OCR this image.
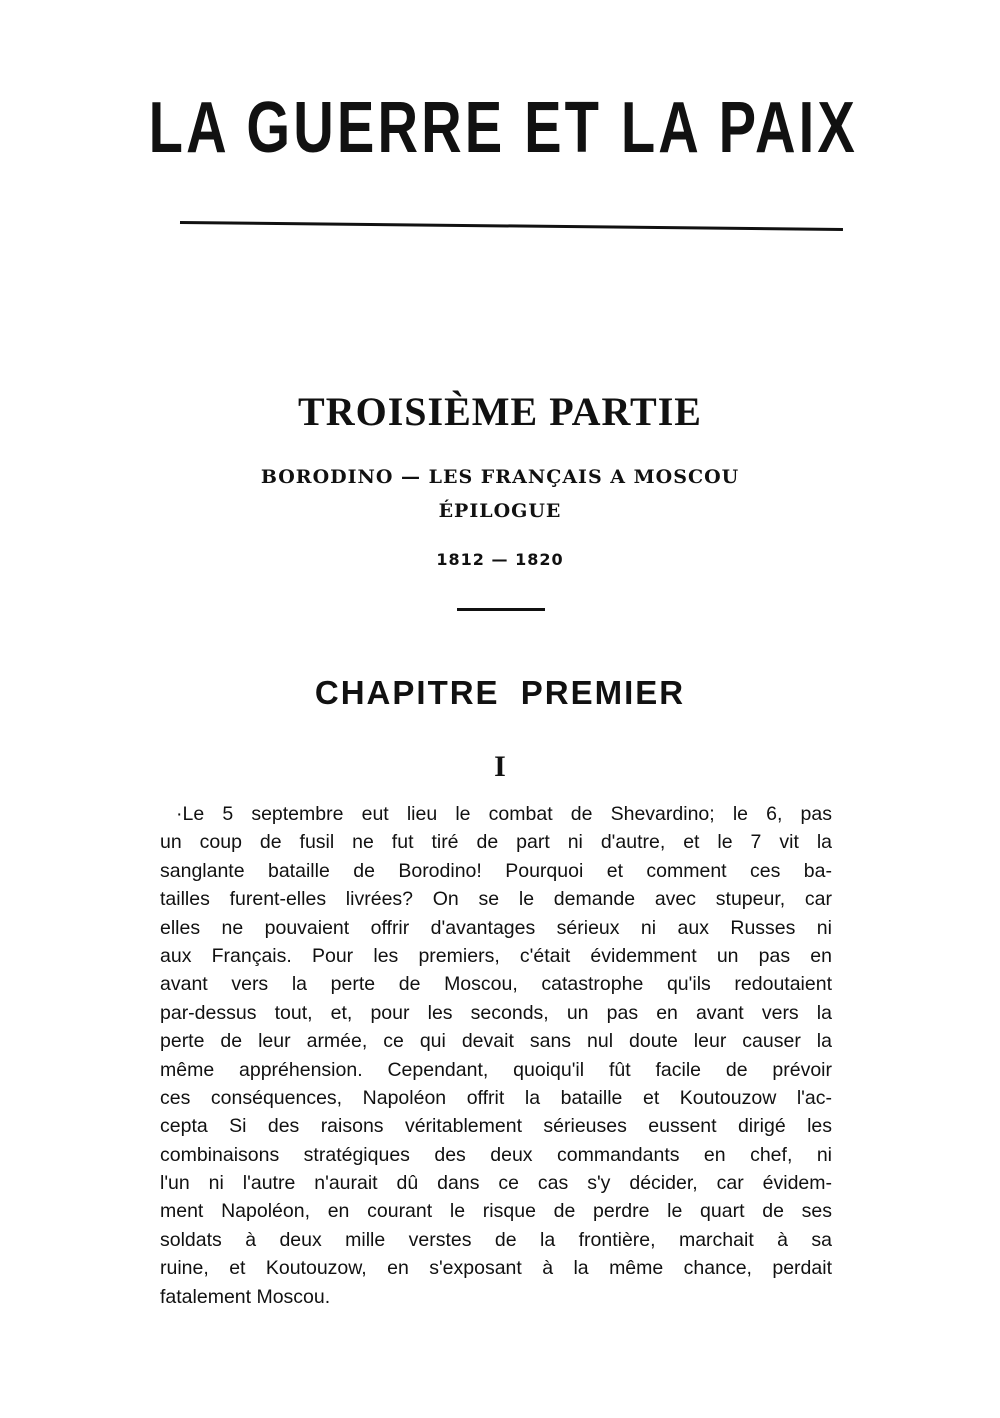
LA GUERRE ET LA PAIX
TROISIÈME PARTIE
BORODINO — LES FRANÇAIS A MOSCOU
ÉPILOGUE
1812 — 1820
CHAPITRE PREMIER
I
·Le 5 septembre eut lieu le combat de Shevardino; le 6, pas
un coup de fusil ne fut tiré de part ni d'autre, et le 7 vit la
sanglante bataille de Borodino! Pourquoi et comment ces ba-
tailles furent-elles livrées? On se le demande avec stupeur, car
elles ne pouvaient offrir d'avantages sérieux ni aux Russes ni
aux Français. Pour les premiers, c'était évidemment un pas en
avant vers la perte de Moscou, catastrophe qu'ils redoutaient
par-dessus tout, et, pour les seconds, un pas en avant vers la
perte de leur armée, ce qui devait sans nul doute leur causer la
même appréhension. Cependant, quoiqu'il fût facile de prévoir
ces conséquences, Napoléon offrit la bataille et Koutouzow l'ac-
cepta Si des raisons véritablement sérieuses eussent dirigé les
combinaisons stratégiques des deux commandants en chef, ni
l'un ni l'autre n'aurait dû dans ce cas s'y décider, car évidem-
ment Napoléon, en courant le risque de perdre le quart de ses
soldats à deux mille verstes de la frontière, marchait à sa
ruine, et Koutouzow, en s'exposant à la même chance, perdait
fatalement Moscou.
